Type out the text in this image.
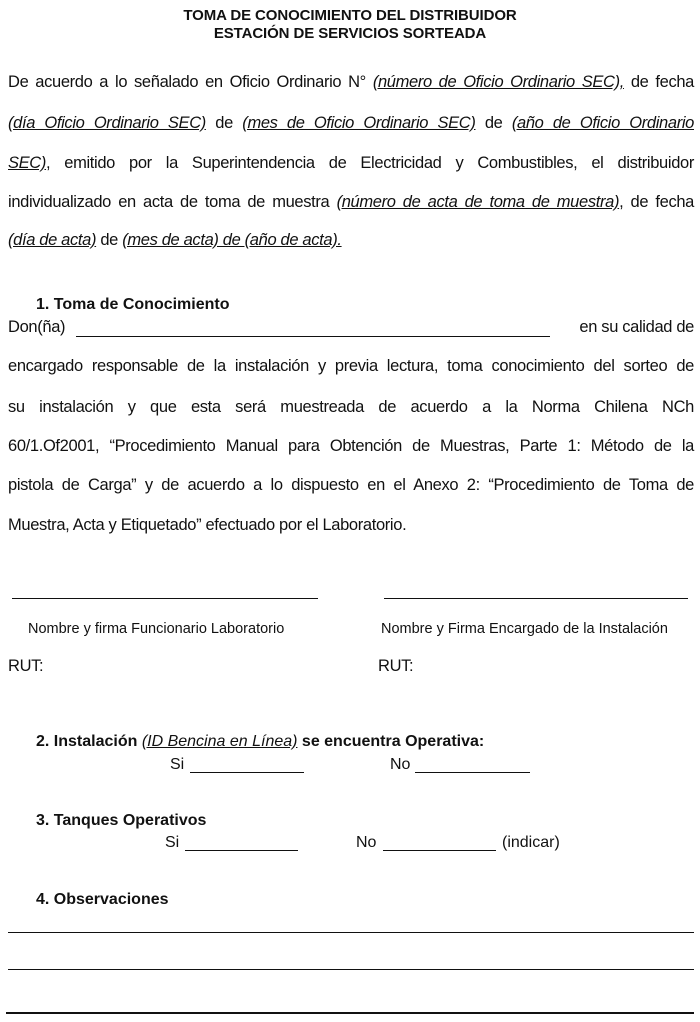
TOMA DE CONOCIMIENTO DEL DISTRIBUIDOR
ESTACIÓN DE SERVICIOS SORTEADA
De acuerdo a lo señalado en Oficio Ordinario N° (número de Oficio Ordinario SEC), de fecha
(día Oficio Ordinario SEC) de (mes de Oficio Ordinario SEC) de (año de Oficio Ordinario
SEC), emitido por la Superintendencia de Electricidad y Combustibles, el distribuidor
individualizado en acta de toma de muestra (número de acta de toma de muestra), de fecha
(día de acta) de (mes de acta) de (año de acta).
1. Toma de Conocimiento
Don(ña)	en su calidad de
encargado responsable de la instalación y previa lectura, toma conocimiento del sorteo de
su instalación y que esta será muestreada de acuerdo a la Norma Chilena NCh
60/1.Of2001, “Procedimiento Manual para Obtención de Muestras, Parte 1: Método de la
pistola de Carga” y de acuerdo a lo dispuesto en el Anexo 2: “Procedimiento de Toma de
Muestra, Acta y Etiquetado” efectuado por el Laboratorio.
Nombre y firma Funcionario Laboratorio	Nombre y Firma Encargado de la Instalación
RUT:	RUT:
2. Instalación (ID Bencina en Línea) se encuentra Operativa:
Si	No
3. Tanques Operativos
Si	No	(indicar)
4. Observaciones
